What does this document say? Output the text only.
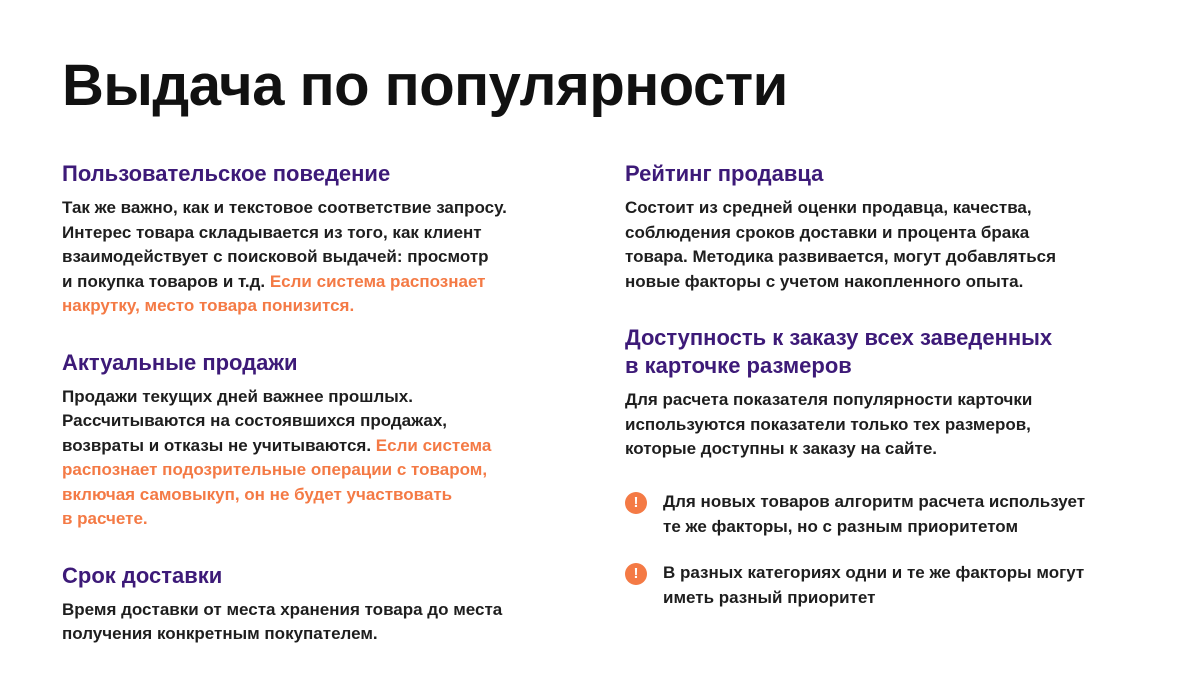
Выдача по популярности
Пользовательское поведение
Так же важно, как и текстовое соответствие запросу.
Интерес товара складывается из того, как клиент
взаимодействует с поисковой выдачей: просмотр
и покупка товаров и т.д. Если система распознает
накрутку, место товара понизится.
Актуальные продажи
Продажи текущих дней важнее прошлых.
Рассчитываются на состоявшихся продажах,
возвраты и отказы не учитываются. Если система
распознает подозрительные операции с товаром,
включая самовыкуп, он не будет участвовать
в расчете.
Срок доставки
Время доставки от места хранения товара до места
получения конкретным покупателем.
Рейтинг продавца
Состоит из средней оценки продавца, качества,
соблюдения сроков доставки и процента брака
товара. Методика развивается, могут добавляться
новые факторы с учетом накопленного опыта.
Доступность к заказу всех заведенных
в карточке размеров
Для расчета показателя популярности карточки
используются показатели только тех размеров,
которые доступны к заказу на сайте.
!	Для новых товаров алгоритм расчета использует
те же факторы, но с разным приоритетом
!	В разных категориях одни и те же факторы могут
иметь разный приоритет
